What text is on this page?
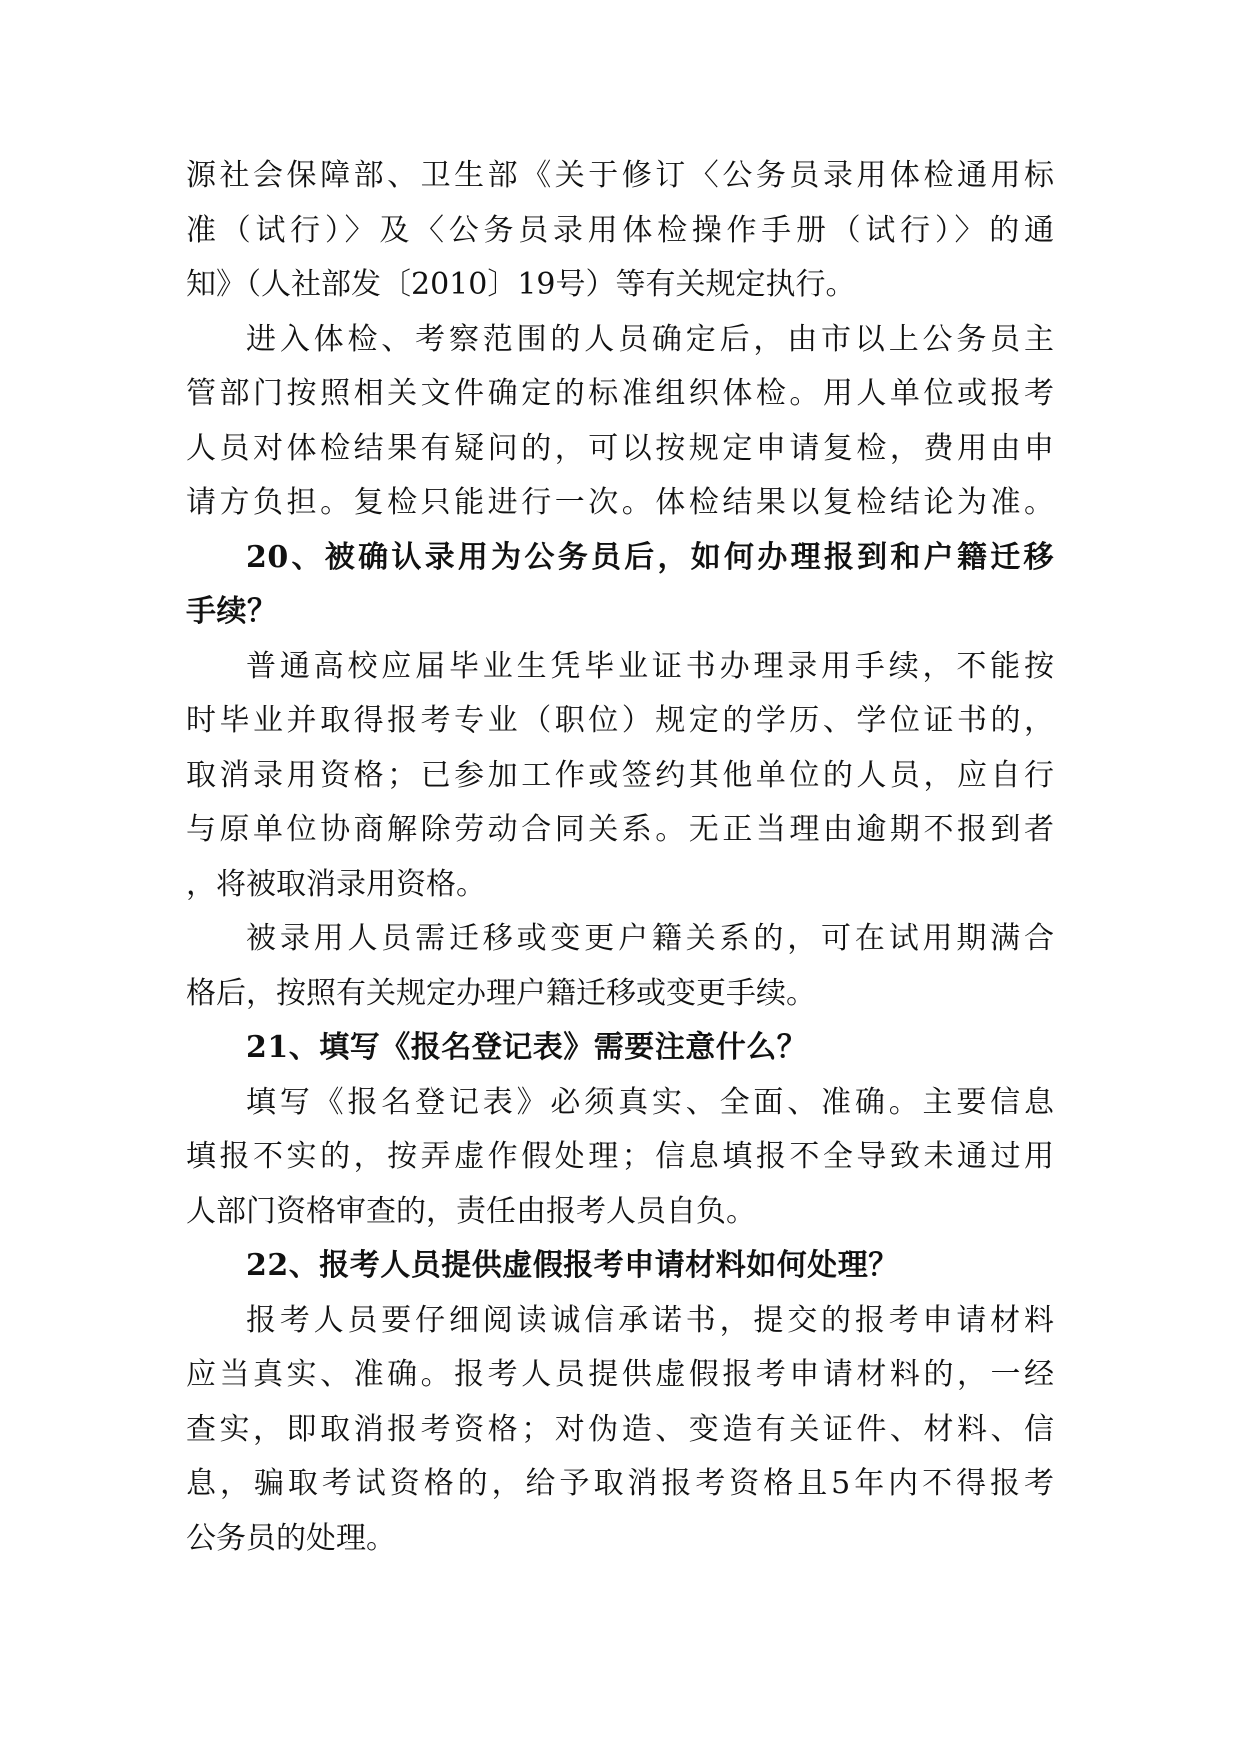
源社会保障部、卫生部《关于修订〈公务员录用体检通用标
准（试行）〉及〈公务员录用体检操作手册（试行）〉的通
知》（人社部发〔2010〕19号）等有关规定执行。
进入体检、考察范围的人员确定后，由市以上公务员主
管部门按照相关文件确定的标准组织体检。用人单位或报考
人员对体检结果有疑问的，可以按规定申请复检，费用由申
请方负担。复检只能进行一次。体检结果以复检结论为准。
20、被确认录用为公务员后，如何办理报到和户籍迁移
手续？
普通高校应届毕业生凭毕业证书办理录用手续，不能按
时毕业并取得报考专业（职位）规定的学历、学位证书的，
取消录用资格；已参加工作或签约其他单位的人员，应自行
与原单位协商解除劳动合同关系。无正当理由逾期不报到者
，将被取消录用资格。
被录用人员需迁移或变更户籍关系的，可在试用期满合
格后，按照有关规定办理户籍迁移或变更手续。
21、填写《报名登记表》需要注意什么？
填写《报名登记表》必须真实、全面、准确。主要信息
填报不实的，按弄虚作假处理；信息填报不全导致未通过用
人部门资格审查的，责任由报考人员自负。
22、报考人员提供虚假报考申请材料如何处理？
报考人员要仔细阅读诚信承诺书，提交的报考申请材料
应当真实、准确。报考人员提供虚假报考申请材料的，一经
查实，即取消报考资格；对伪造、变造有关证件、材料、信
息，骗取考试资格的，给予取消报考资格且5年内不得报考
公务员的处理。
